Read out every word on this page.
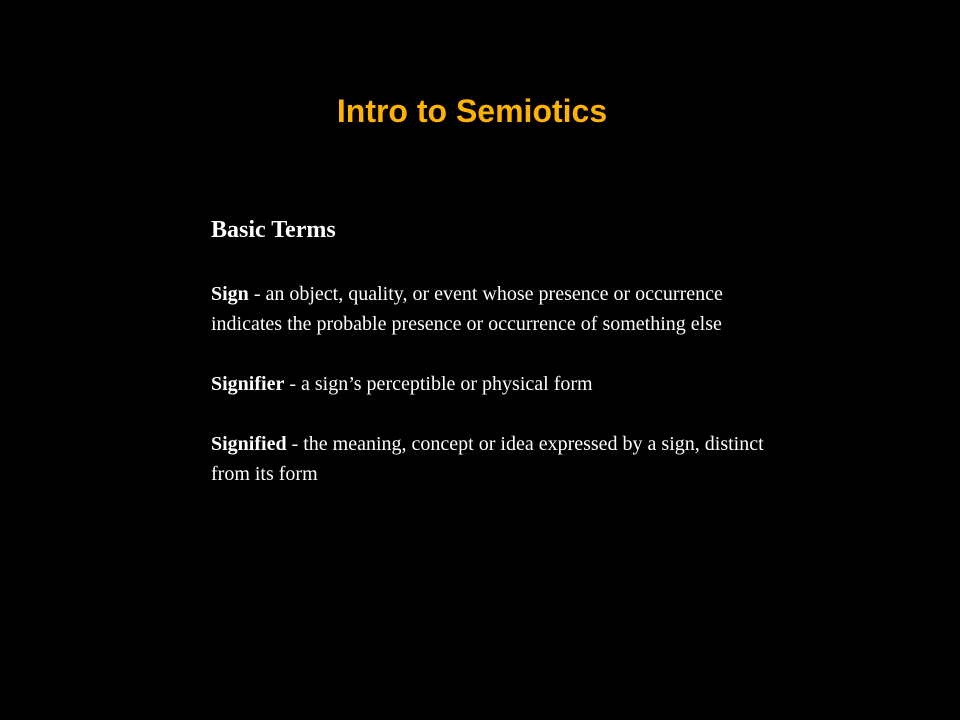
Intro to Semiotics

Basic Terms

Sign - an object, quality, or event whose presence or occurrence indicates the probable presence or occurrence of something else

Signifier - a sign’s perceptible or physical form

Signified - the meaning, concept or idea expressed by a sign, distinct from its form
